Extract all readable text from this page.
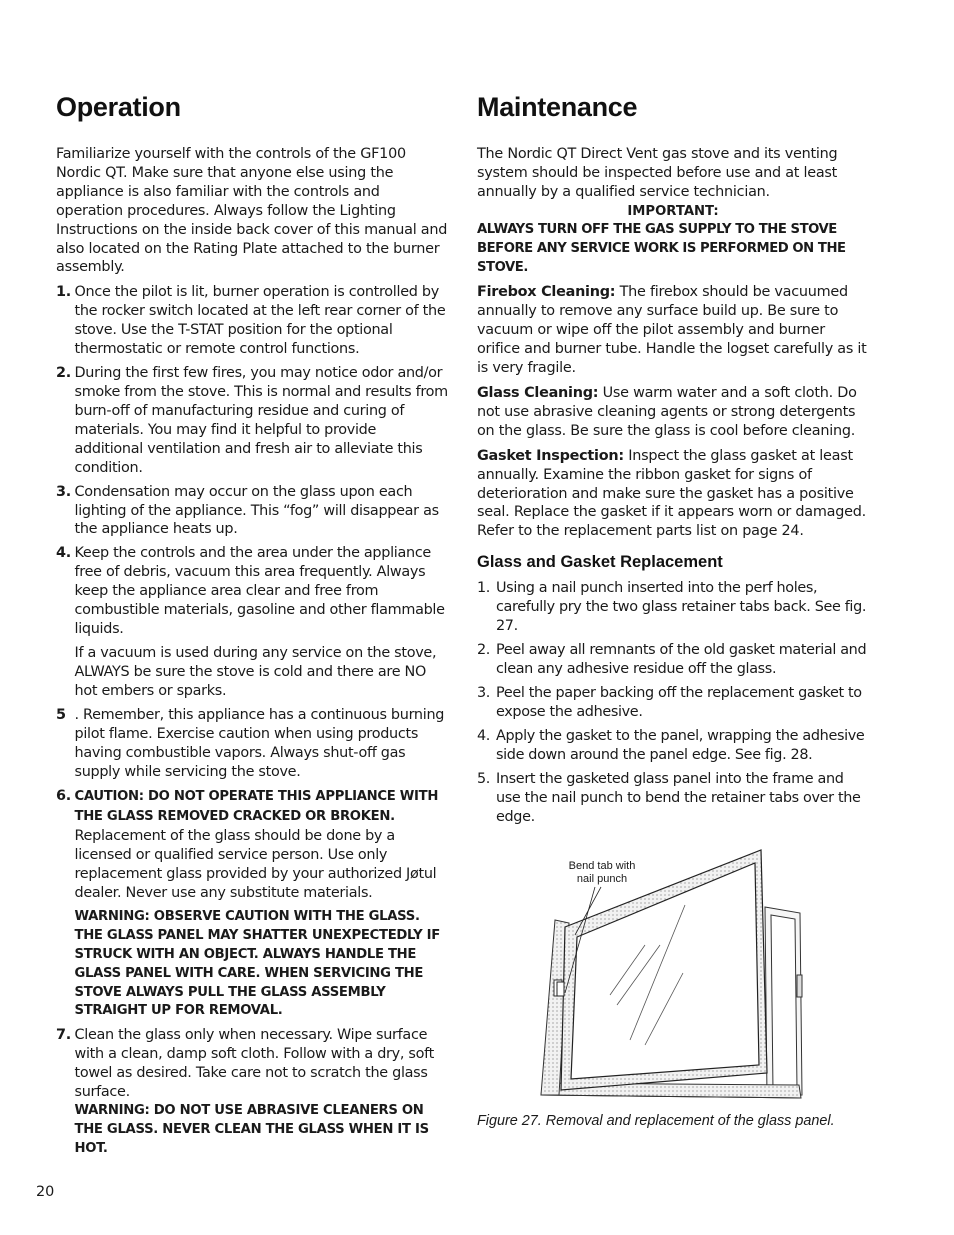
Operation

Familiarize yourself with the controls of the GF100 Nordic QT. Make sure that anyone else using the appliance is also familiar with the controls and operation procedures. Always follow the Lighting Instructions on the inside back cover of this manual and also located on the Rating Plate attached to the burner assembly.

1. Once the pilot is lit, burner operation is controlled by the rocker switch located at the left rear corner of the stove. Use the T-STAT position for the optional thermostatic or remote control functions.
2. During the first few fires, you may notice odor and/or smoke from the stove. This is normal and results from burn-off of manufacturing residue and curing of materials. You may find it helpful to provide additional ventilation and fresh air to alleviate this condition.
3. Condensation may occur on the glass upon each lighting of the appliance. This “fog” will disappear as the appliance heats up.
4. Keep the controls and the area under the appliance free of debris, vacuum this area frequently. Always keep the appliance area clear and free from combustible materials, gasoline and other flammable liquids.
If a vacuum is used during any service on the stove, ALWAYS be sure the stove is cold and there are NO hot embers or sparks.
5 . Remember, this appliance has a continuous burning pilot flame. Exercise caution when using products having combustible vapors. Always shut-off gas supply while servicing the stove.
6. CAUTION: DO NOT OPERATE THIS APPLIANCE WITH THE GLASS REMOVED CRACKED OR BROKEN. Replacement of the glass should be done by a licensed or qualified service person. Use only replacement glass provided by your authorized Jøtul dealer. Never use any substitute materials.
WARNING: OBSERVE CAUTION WITH THE GLASS. THE GLASS PANEL MAY SHATTER UNEXPECTEDLY IF STRUCK WITH AN OBJECT. ALWAYS HANDLE THE GLASS PANEL WITH CARE. WHEN SERVICING THE STOVE ALWAYS PULL THE GLASS ASSEMBLY STRAIGHT UP FOR REMOVAL.
7. Clean the glass only when necessary. Wipe surface with a clean, damp soft cloth. Follow with a dry, soft towel as desired. Take care not to scratch the glass surface.
WARNING: DO NOT USE ABRASIVE CLEANERS ON THE GLASS. NEVER CLEAN THE GLASS WHEN IT IS HOT.
Maintenance

The Nordic QT Direct Vent gas stove and its venting system should be inspected before use and at least annually by a qualified service technician.

IMPORTANT:
ALWAYS TURN OFF THE GAS SUPPLY TO THE STOVE BEFORE ANY SERVICE WORK IS PERFORMED ON THE STOVE.

Firebox Cleaning: The firebox should be vacuumed annually to remove any surface build up. Be sure to vacuum or wipe off the pilot assembly and burner orifice and burner tube. Handle the logset carefully as it is very fragile.

Glass Cleaning: Use warm water and a soft cloth. Do not use abrasive cleaning agents or strong detergents on the glass. Be sure the glass is cool before cleaning.

Gasket Inspection: Inspect the glass gasket at least annually. Examine the ribbon gasket for signs of deterioration and make sure the gasket has a positive seal. Replace the gasket if it appears worn or damaged. Refer to the replacement parts list on page 24.

Glass and Gasket Replacement
1. Using a nail punch inserted into the perf holes, carefully pry the two glass retainer tabs back. See fig. 27.
2. Peel away all remnants of the old gasket material and clean any adhesive residue off the glass.
3. Peel the paper backing off the replacement gasket to expose the adhesive.
4. Apply the gasket to the panel, wrapping the adhesive side down around the panel edge. See fig. 28.
5. Insert the gasketed glass panel into the frame and use the nail punch to bend the retainer tabs over the edge.
Bend tab with
nail punch
Figure 27. Removal and replacement of the glass panel.
20
